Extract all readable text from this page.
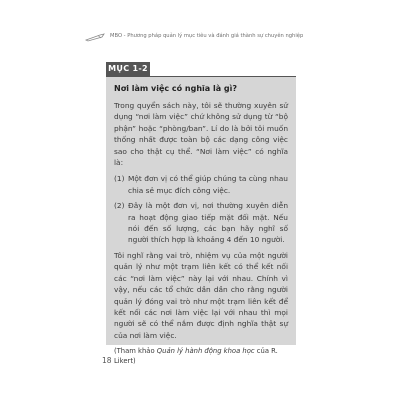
MBO - Phương pháp quản lý mục tiêu và đánh giá thành sự chuyên nghiệp
MỤC 1-2
Nơi làm việc có nghĩa là gì?

Trong quyển sách này, tôi sẽ thường xuyên sử dụng “nơi làm việc” chứ không sử dụng từ “bộ phận” hoặc “phòng/ban”. Lí do là bởi tôi muốn thống nhất được toàn bộ các dạng công việc sao cho thật cụ thể. “Nơi làm việc” có nghĩa là:

(1) Một đơn vị có thể giúp chúng ta cùng nhau chia sẻ mục đích công việc.
(2) Đây là một đơn vị, nơi thường xuyên diễn ra hoạt động giao tiếp mặt đối mặt. Nếu nói đến số lượng, các bạn hãy nghĩ số người thích hợp là khoảng 4 đến 10 người.

Tôi nghĩ rằng vai trò, nhiệm vụ của một người quản lý như một trạm liên kết có thể kết nối các “nơi làm việc” này lại với nhau. Chính vì vậy, nếu các tổ chức dần dần cho rằng người quản lý đóng vai trò như một trạm liên kết để kết nối các nơi làm việc lại với nhau thì mọi người sẽ có thể nắm được định nghĩa thật sự của nơi làm việc.

(Tham khảo Quản lý hành động khoa học của R. Likert)

18
